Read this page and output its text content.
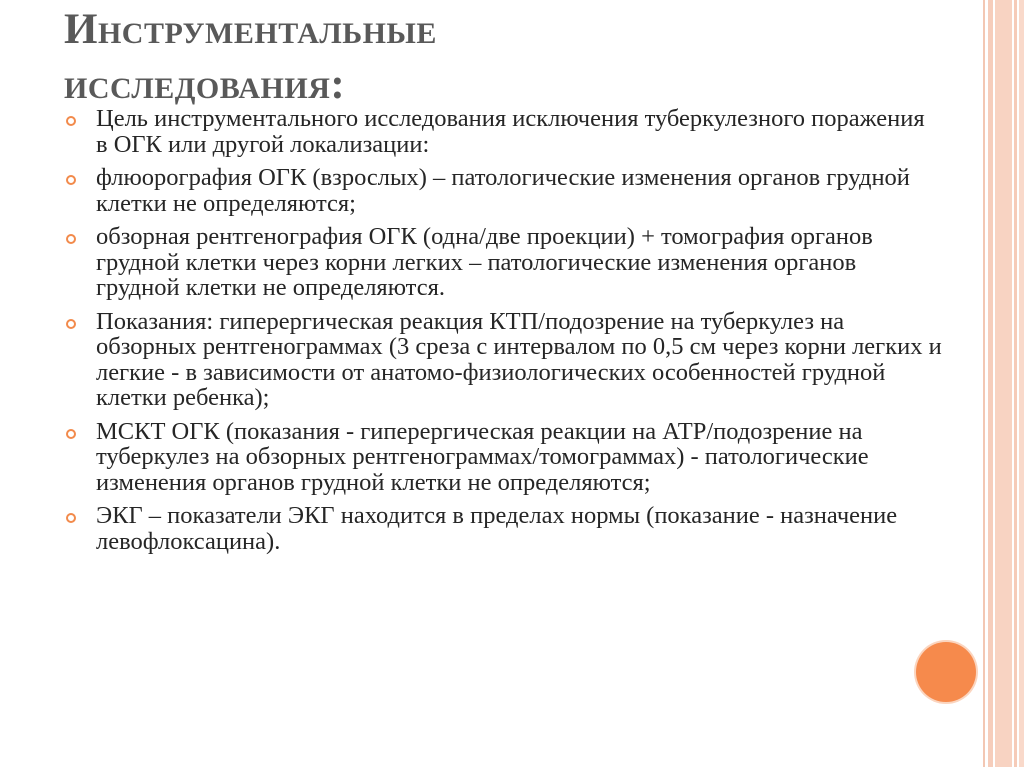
Инструментальные
исследования:
Цель инструментального исследования исключения туберкулезного поражения в ОГК или другой локализации:
флюорография ОГК (взрослых) – патологические изменения органов грудной клетки не определяются;
обзорная рентгенография ОГК (одна/две проекции) + томография органов грудной клетки через корни легких – патологические изменения органов грудной клетки не определяются.
Показания: гиперергическая реакция КТП/подозрение на туберкулез на обзорных рентгенограммах (3 среза с интервалом по 0,5 см через корни легких и легкие - в зависимости от анатомо-физиологических особенностей грудной клетки ребенка);
МСКТ ОГК (показания - гиперергическая реакции на АТР/подозрение на туберкулез на обзорных рентгенограммах/томограммах) - патологические изменения органов грудной клетки не определяются;
ЭКГ – показатели ЭКГ находится в пределах нормы (показание - назначение левофлоксацина).
